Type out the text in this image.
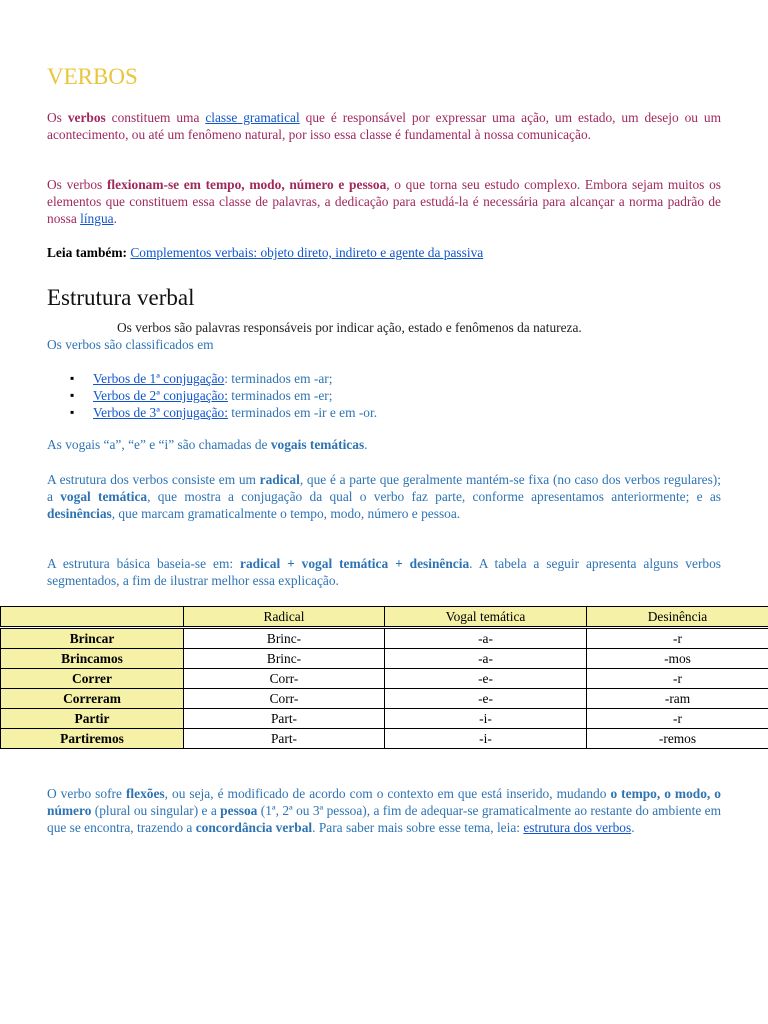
VERBOS

Os verbos constituem uma classe gramatical que é responsável por expressar uma ação, um estado, um desejo ou um acontecimento, ou até um fenômeno natural, por isso essa classe é fundamental à nossa comunicação.

Os verbos flexionam-se em tempo, modo, número e pessoa, o que torna seu estudo complexo. Embora sejam muitos os elementos que constituem essa classe de palavras, a dedicação para estudá-la é necessária para alcançar a norma padrão de nossa língua.

Leia também: Complementos verbais: objeto direto, indireto e agente da passiva

Estrutura verbal

Os verbos são palavras responsáveis por indicar ação, estado e fenômenos da natureza.

Os verbos são classificados em

▪ Verbos de 1ª conjugação: terminados em -ar;
▪ Verbos de 2ª conjugação: terminados em -er;
▪ Verbos de 3ª conjugação: terminados em -ir e em -or.

As vogais “a”, “e” e “i” são chamadas de vogais temáticas.

A estrutura dos verbos consiste em um radical, que é a parte que geralmente mantém-se fixa (no caso dos verbos regulares); a vogal temática, que mostra a conjugação da qual o verbo faz parte, conforme apresentamos anteriormente; e as desinências, que marcam gramaticalmente o tempo, modo, número e pessoa.

A estrutura básica baseia-se em: radical + vogal temática + desinência. A tabela a seguir apresenta alguns verbos segmentados, a fim de ilustrar melhor essa explicação.

	Radical	Vogal temática	Desinência

Brincar	Brinc-	-a-	-r
Brincamos	Brinc-	-a-	-mos
Correr	Corr-	-e-	-r
Correram	Corr-	-e-	-ram
Partir	Part-	-i-	-r
Partiremos	Part-	-i-	-remos

O verbo sofre flexões, ou seja, é modificado de acordo com o contexto em que está inserido, mudando o tempo, o modo, o número (plural ou singular) e a pessoa (1ª, 2ª ou 3ª pessoa), a fim de adequar-se gramaticalmente ao restante do ambiente em que se encontra, trazendo a concordância verbal. Para saber mais sobre esse tema, leia: estrutura dos verbos.
